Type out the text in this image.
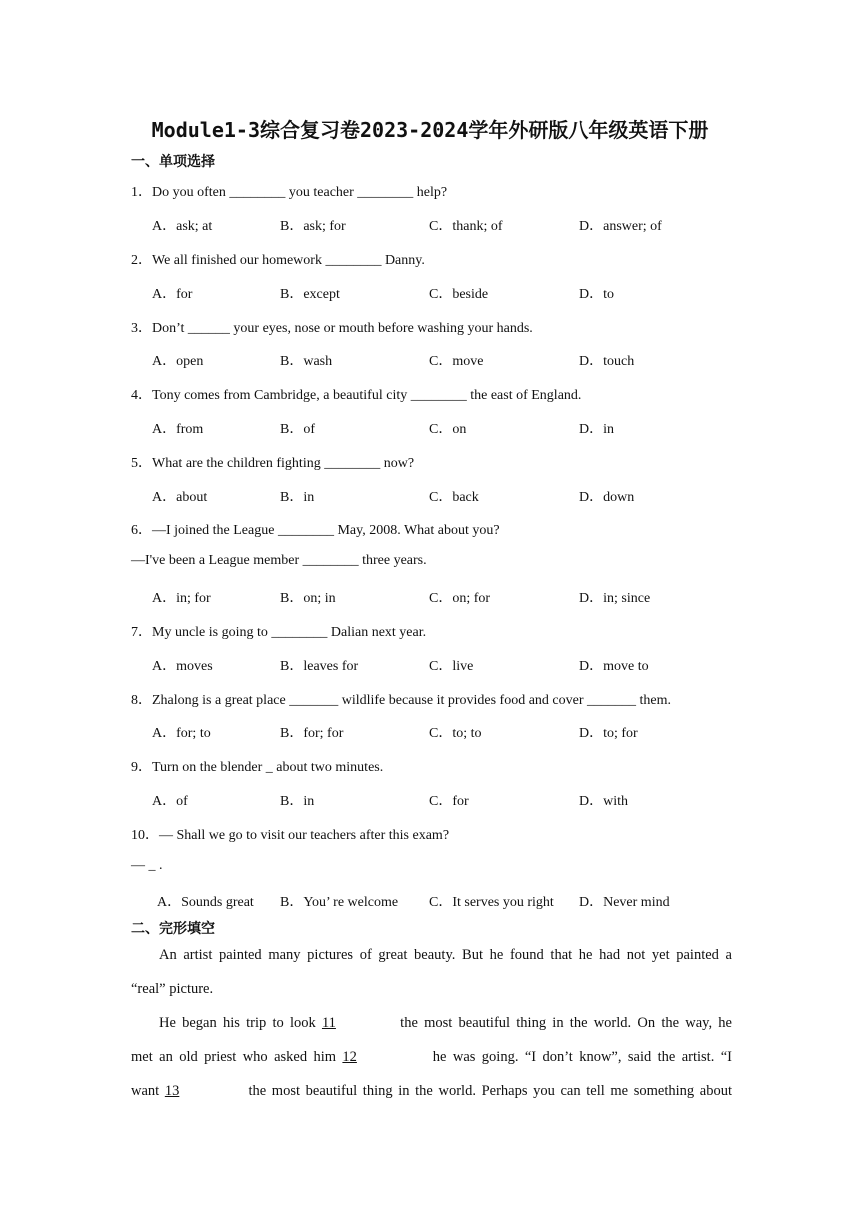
Module1-3综合复习卷2023-2024学年外研版八年级英语下册
一、单项选择
1．Do you often ________ you teacher ________ help?
A．ask; at	B．ask; for	C．thank; of	D．answer; of
2．We all finished our homework ________ Danny.
A．for	B．except	C．beside	D．to
3．Don’t ______ your eyes, nose or mouth before washing your hands.
A．open	B．wash	C．move	D．touch
4．Tony comes from Cambridge, a beautiful city ________ the east of England.
A．from	B．of	C．on	D．in
5．What are the children fighting ________ now?
A．about	B．in	C．back	D．down
6．—I joined the League ________ May, 2008. What about you?
—I've been a League member ________ three years.
A．in; for	B．on; in	C．on; for	D．in; since
7．My uncle is going to ________ Dalian next year.
A．moves	B．leaves for	C．live	D．move to
8．Zhalong is a great place _______ wildlife because it provides food and cover _______ them.
A．for; to	B．for; for	C．to; to	D．to; for
9．Turn on the blender _ about two minutes.
A．of	B．in	C．for	D．with
10．— Shall we go to visit our teachers after this exam?
— _ .
A．Sounds great B．You’ re welcome C．It serves you right D．Never mind
二、完形填空
An artist painted many pictures of great beauty. But he found that he had not yet painted a
“real” picture.
He began his trip to look 11	the most beautiful thing in the world. On the way, he
met an old priest who asked him 12	he was going. “I don’t know”, said the artist. “I
want 13	the most beautiful thing in the world. Perhaps you can tell me something about
